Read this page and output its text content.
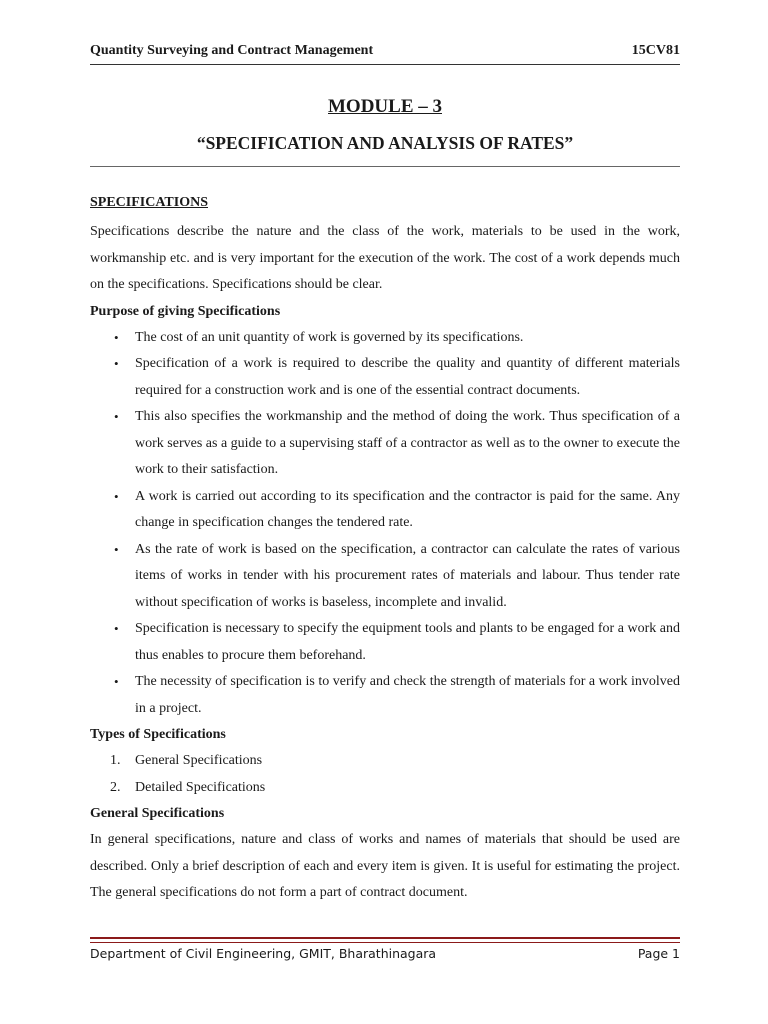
Quantity Surveying and Contract Management	15CV81
MODULE – 3
“SPECIFICATION AND ANALYSIS OF RATES”

SPECIFICATIONS

Specifications describe the nature and the class of the work, materials to be used in the work, workmanship etc. and is very important for the execution of the work. The cost of a work depends much on the specifications. Specifications should be clear.

Purpose of giving Specifications

• The cost of an unit quantity of work is governed by its specifications.
• Specification of a work is required to describe the quality and quantity of different materials required for a construction work and is one of the essential contract documents.
• This also specifies the workmanship and the method of doing the work. Thus specification of a work serves as a guide to a supervising staff of a contractor as well as to the owner to execute the work to their satisfaction.
• A work is carried out according to its specification and the contractor is paid for the same. Any change in specification changes the tendered rate.
• As the rate of work is based on the specification, a contractor can calculate the rates of various items of works in tender with his procurement rates of materials and labour. Thus tender rate without specification of works is baseless, incomplete and invalid.
• Specification is necessary to specify the equipment tools and plants to be engaged for a work and thus enables to procure them beforehand.
• The necessity of specification is to verify and check the strength of materials for a work involved in a project.

Types of Specifications

1. General Specifications
2. Detailed Specifications

General Specifications

In general specifications, nature and class of works and names of materials that should be used are described. Only a brief description of each and every item is given. It is useful for estimating the project. The general specifications do not form a part of contract document.

Department of Civil Engineering, GMIT, Bharathinagara	Page 1
